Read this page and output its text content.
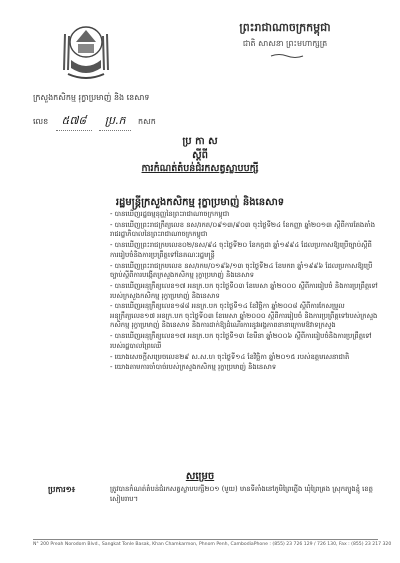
ព្រះរាជាណាចក្រកម្ពុជា
ជាតិ សាសនា ព្រះមហាក្សត្រ
ក្រសួងកសិកម្ម រុក្ខាប្រមាញ់ និង នេសាទ
លេខ ៥៧៨ ប្រ.ក កសក
ប្រ កា ស
ស្តីពី
ការកំណត់តំបន់ជំរកសត្វស្លាបបក្សី
រដ្ឋមន្ត្រីក្រសួងកសិកម្ម រុក្ខាប្រមាញ់ និងនេសាទ
- បានឃើញរដ្ឋធម្មនុញ្ញនៃព្រះរាជាណាចក្រកម្ពុជា
- បានឃើញព្រះរាជក្រឹត្យលេខ នស/រកត/០៩១៣/៩០៣ ចុះថ្ងៃទី២៤ ខែកញ្ញា ឆ្នាំ២០១៣ ស្តីពីការតែងតាំងរាជរដ្ឋាភិបាលនៃព្រះរាជាណាចក្រកម្ពុជា
- បានឃើញព្រះរាជក្រមលេខ០២/នស/៩៤ ចុះថ្ងៃទី២០ ខែកក្កដា ឆ្នាំ១៩៩៤ ដែលប្រកាសឱ្យប្រើច្បាប់ស្តីពីការរៀបចំនិងការប្រព្រឹត្តទៅនៃគណៈរដ្ឋមន្ត្រី
- បានឃើញព្រះរាជក្រមលេខ នស/រកម/០១៩៦/១៣ ចុះថ្ងៃទី២៤ ខែមករា ឆ្នាំ១៩៩៦ ដែលប្រកាសឱ្យប្រើច្បាប់ស្តីពីការបង្កើតក្រសួងកសិកម្ម រុក្ខាប្រមាញ់ និងនេសាទ
- បានឃើញអនុក្រឹត្យលេខ១៧ អនក្រ.បក ចុះថ្ងៃទី០៣ ខែមេសា ឆ្នាំ២០០០ ស្តីពីការរៀបចំ និងការប្រព្រឹត្តទៅរបស់ក្រសួងកសិកម្ម រុក្ខាប្រមាញ់ និងនេសាទ
- បានឃើញអនុក្រឹត្យលេខ១៨៨ អនក្រ.បក ចុះថ្ងៃទី១៤ ខែវិច្ឆិកា ឆ្នាំ២០០៨ ស្តីពីការកែសម្រួលអនុក្រឹត្យលេខ១៧ អនក្រ.បក ចុះថ្ងៃទី០៣ ខែមេសា ឆ្នាំ២០០០ ស្តីពីការរៀបចំ និងការប្រព្រឹត្តទៅរបស់ក្រសួងកសិកម្ម រុក្ខាប្រមាញ់ និងនេសាទ និងការដាក់ឱ្យដំណើរការនូវអង្គភាពនានាក្រោមឱវាទក្រសួង
- បានឃើញអនុក្រឹត្យលេខ១៧ អនក្រ.បក ចុះថ្ងៃទី១៣ ខែមីនា ឆ្នាំ២០០៦ ស្តីពីការរៀបចំនិងការប្រព្រឹត្តទៅរបស់រដ្ឋបាលព្រៃឈើ
- យោងសេចក្តីសម្រេចលេខ២៩ ស.ស.ហ ចុះថ្ងៃទី១៤ ខែវិច្ឆិកា ឆ្នាំ២០១៥ របស់ឧត្តមសេនាជាតិ
- យោងតាមការចាំបាច់របស់ក្រសួងកសិកម្ម រុក្ខាប្រមាញ់ និងនេសាទ
សម្រេច
ប្រការ១៖	ត្រូវបានកំណត់តំបន់ជំរកសត្វស្លាបបក្សី២០១ (មួយ) មានទីតាំងនៅភូមិព្រៃភ្លើង ឃុំព្រៃគ្រង ស្រុកត្បូងខ្មុំ ខេត្តសៀមរាប។
N° 200 Preah Norodom Blvd., Sangkat Tonle Basak, Khan Chamkarmon, Phnom Penh, Cambodia Phone : (855) 23 726 129 / 726 130, Fax : (855) 23 217 320
